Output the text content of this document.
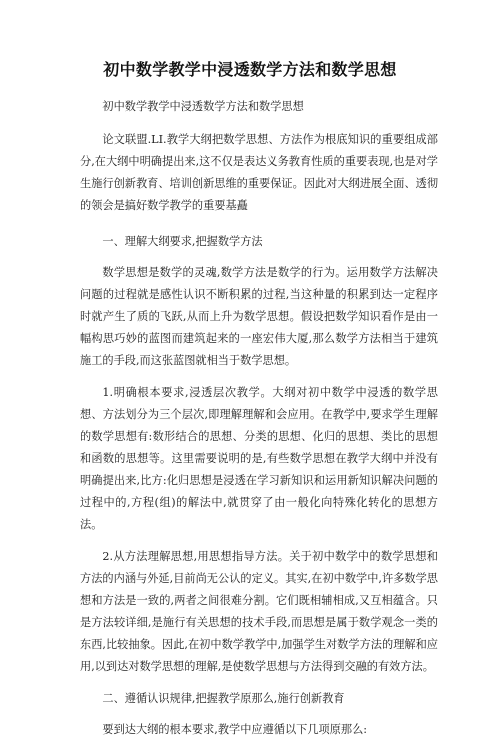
初中数学教学中浸透数学方法和数学思想

初中数学教学中浸透数学方法和数学思想

论文联盟.LI.教学大纲把数学思想、方法作为根底知识的重要组成部分,在大纲中明确提出来,这不仅是表达义务教育性质的重要表现,也是对学生施行创新教育、培训创新思维的重要保证。因此对大纲进展全面、透彻的领会是搞好数学教学的重要基矗

一、理解大纲要求,把握数学方法

数学思想是数学的灵魂,数学方法是数学的行为。运用数学方法解决问题的过程就是感性认识不断积累的过程,当这种量的积累到达一定程序时就产生了质的飞跃,从而上升为数学思想。假设把数学知识看作是由一幅构思巧妙的蓝图而建筑起来的一座宏伟大厦,那么数学方法相当于建筑施工的手段,而这张蓝图就相当于数学思想。

1.明确根本要求,浸透层次教学。大纲对初中数学中浸透的数学思想、方法划分为三个层次,即理解理解和会应用。在教学中,要求学生理解的数学思想有:数形结合的思想、分类的思想、化归的思想、类比的思想和函数的思想等。这里需要说明的是,有些数学思想在教学大纲中并没有明确提出来,比方:化归思想是浸透在学习新知识和运用新知识解决问题的过程中的,方程(组)的解法中,就贯穿了由一般化向特殊化转化的思想方法。

2.从方法理解思想,用思想指导方法。关于初中数学中的数学思想和方法的内涵与外延,目前尚无公认的定义。其实,在初中数学中,许多数学思想和方法是一致的,两者之间很难分割。它们既相辅相成,又互相蕴含。只是方法较详细,是施行有关思想的技术手段,而思想是属于数学观念一类的东西,比较抽象。因此,在初中数学教学中,加强学生对数学方法的理解和应用,以到达对数学思想的理解,是使数学思想与方法得到交融的有效方法。

二、遵循认识规律,把握教学原那么,施行创新教育

要到达大纲的根本要求,教学中应遵循以下几项原那么:
